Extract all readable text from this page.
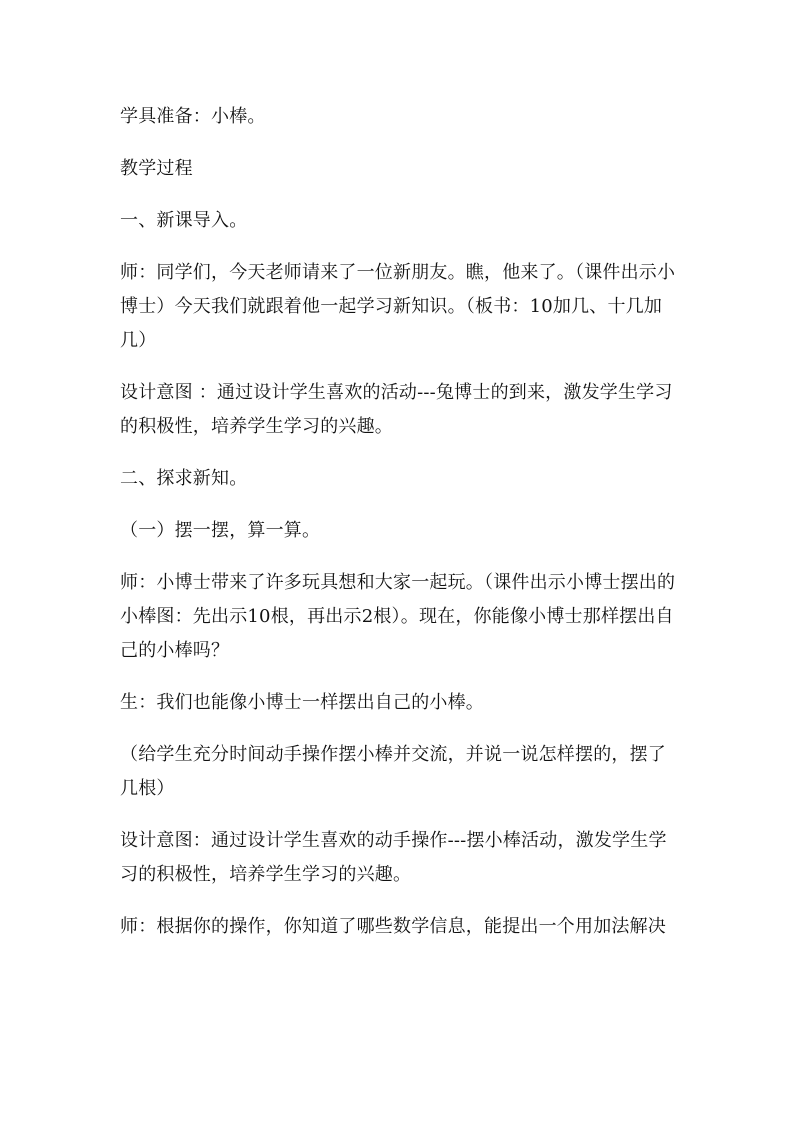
学具准备：小棒。

教学过程

一、新课导入。

师：同学们，今天老师请来了一位新朋友。瞧，他来了。（课件出示小博士）今天我们就跟着他一起学习新知识。（板书：10加几、十几加几）

设计意图 ：通过设计学生喜欢的活动---兔博士的到来，激发学生学习的积极性，培养学生学习的兴趣。

二、探求新知。

（一）摆一摆，算一算。

师：小博士带来了许多玩具想和大家一起玩。（课件出示小博士摆出的小棒图：先出示10根，再出示2根）。现在，你能像小博士那样摆出自己的小棒吗？

生：我们也能像小博士一样摆出自己的小棒。

（给学生充分时间动手操作摆小棒并交流，并说一说怎样摆的，摆了几根）

设计意图：通过设计学生喜欢的动手操作---摆小棒活动，激发学生学习的积极性，培养学生学习的兴趣。

师：根据你的操作，你知道了哪些数学信息，能提出一个用加法解决
